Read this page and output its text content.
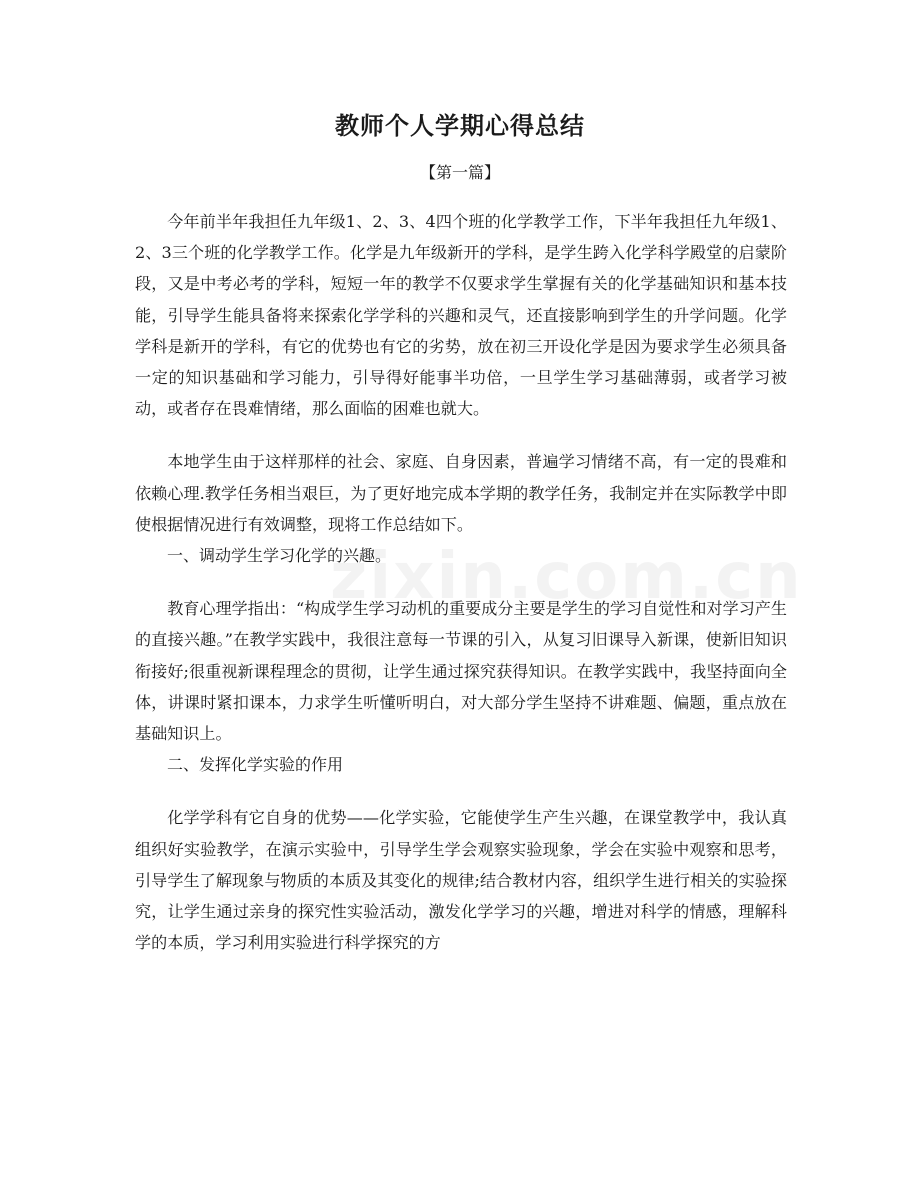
教师个人学期心得总结
【第一篇】

今年前半年我担任九年级1、2、3、4四个班的化学教学工作，下半年我担任九年级1、2、3三个班的化学教学工作。化学是九年级新开的学科，是学生跨入化学科学殿堂的启蒙阶段，又是中考必考的学科，短短一年的教学不仅要求学生掌握有关的化学基础知识和基本技能，引导学生能具备将来探索化学学科的兴趣和灵气，还直接影响到学生的升学问题。化学学科是新开的学科，有它的优势也有它的劣势，放在初三开设化学是因为要求学生必须具备一定的知识基础和学习能力，引导得好能事半功倍，一旦学生学习基础薄弱，或者学习被动，或者存在畏难情绪，那么面临的困难也就大。

本地学生由于这样那样的社会、家庭、自身因素，普遍学习情绪不高，有一定的畏难和依赖心理.教学任务相当艰巨，为了更好地完成本学期的教学任务，我制定并在实际教学中即使根据情况进行有效调整，现将工作总结如下。

一、调动学生学习化学的兴趣。

教育心理学指出：“构成学生学习动机的重要成分主要是学生的学习自觉性和对学习产生的直接兴趣。”在教学实践中，我很注意每一节课的引入，从复习旧课导入新课，使新旧知识衔接好;很重视新课程理念的贯彻，让学生通过探究获得知识。在教学实践中，我坚持面向全体，讲课时紧扣课本，力求学生听懂听明白，对大部分学生坚持不讲难题、偏题，重点放在基础知识上。

二、发挥化学实验的作用

化学学科有它自身的优势——化学实验，它能使学生产生兴趣，在课堂教学中，我认真组织好实验教学，在演示实验中，引导学生学会观察实验现象，学会在实验中观察和思考，引导学生了解现象与物质的本质及其变化的规律;结合教材内容，组织学生进行相关的实验探究，让学生通过亲身的探究性实验活动，激发化学学习的兴趣，增进对科学的情感，理解科学的本质，学习利用实验进行科学探究的方
